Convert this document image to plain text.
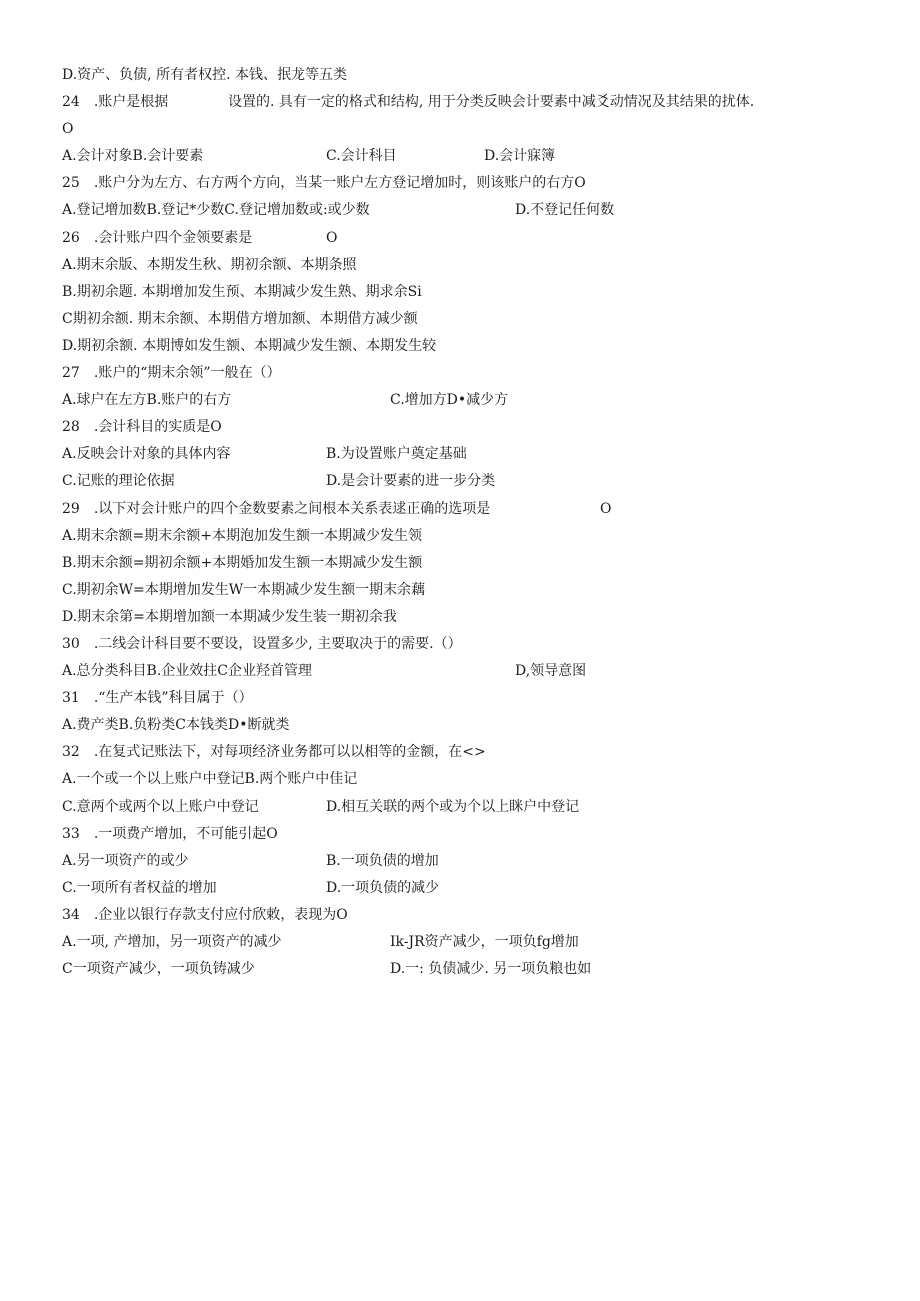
D.资产、负债, 所有者权控. 本钱、抿龙等五类
24　.账户是根据	设置的. 具有一定的格式和结构, 用于分类反映会计要素中减爻动情况及其结果的扰体.
O
A.会计对象B.会计要素	C.会计科目	D.会计寐簿
25　.账户分为左方、右方两个方向，当某一账户左方登记增加时，则该账户的右方O
A.登记增加数B.登记*少数C.登记增加数或:或少数	D.不登记任何数
26　.会计账户四个金领要素是	O
A.期末余版、本期发生秋、期初余额、本期条照
B.期初余题. 本期增加发生预、本期减少发生熟、期求余Si
C期初余额. 期末余额、本期借方增加额、本期借方减少额
D.期初余额. 本期博如发生额、本期减少发生额、本期发生较
27　.账户的“期末余领”一般在（）
A.球户在左方B.账户的右方	C.增加方D•减少方
28　.会计科目的实质是O
A.反映会计对象的具体内容	B.为设置账户奠定基础
C.记账的理论依据	D.是会计要素的进一步分类
29　.以下对会计账户的四个金数要素之间根本关系表逑正确的选项是	O
A.期末余额=期末余额+本期泡加发生额一本期减少发生领
B.期末余额=期初余额+本期婚加发生额一本期减少发生额
C.期初余W=本期增加发生W一本期减少发生额一期末余藕
D.期末余第=本期增加额一本期减少发生装一期初余我
30　.二线会计科目要不要设，设置多少, 主要取决于的需要.（）
A.总分类科目B.企业效拄C企业羟首管理	D,领导意图
31　.“生产本钱”科目属于（）
A.费产类B.负粉类C本钱类D•断就类
32　.在复式记账法下，对每项经济业务都可以以相等的金额，在<>
A.一个或一个以上账户中登记B.两个账户中佳记
C.意两个或两个以上账户中登记	D.相互关联的两个或为个以上眯户中登记
33　.一项费产增加，不可能引起O
A.另一项资产的或少	B.一项负债的增加
C.一项所有者权益的增加	D.一项负债的减少
34　.企业以银行存款支付应付欣敕，表现为O
A.一项, 产增加，另一项资产的减少	Ik-JR资产减少，一项负fg增加
C一项资产减少，一项负铸减少	D.一: 负债减少. 另一项负粮也如
